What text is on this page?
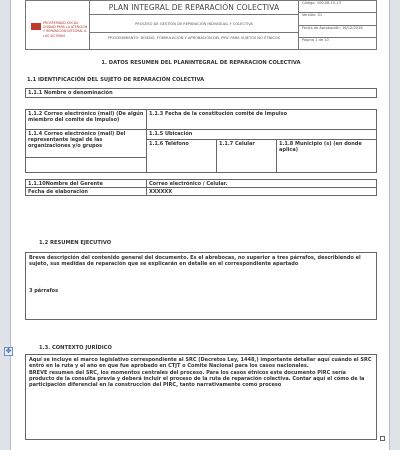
PROSPERIDAD SOCIAL · UNIDAD PARA LA ATENCIÓN Y REPARACIÓN INTEGRAL A LAS VÍCTIMAS
PLAN INTEGRAL DE REPARACIÓN COLECTIVA
PROCESO DE GESTIÓN DE REPARACIÓN INDIVIDUAL Y COLECTIVA
PROCEDIMIENTO: DISEÑO, FORMULACIÓN Y APROBACIÓN DEL PIRC PARA SUJETOS NO ÉTNICOS
Código: 100.08.15-13
Versión: 01
Fecha de Aprobación: 16/12/2016
Página 1 de 10
1. DATOS RESUMEN DEL PLANINTEGRAL DE REPARACION COLECTIVA
1.1 IDENTIFICACIÓN DEL SUJETO DE REPARACIÓN COLECTIVA
1.1.1 Nombre o denominación
1.1.2 Correo electrónico (mail) (De algún miembro del comité de Impulso)
1.1.3 Fecha de la constitución comité de Impulso
1.1.4 Correo electrónico (mail) Del representante legal de las organizaciones y/o grupos
1.1.5 Ubicación
1.1.6 Teléfono	1.1.7 Celular	1.1.8 Municipio (s) (en donde aplica)
1.1.10Nombre del Gerente	Correo electrónico / Celular.
Fecha de elaboración	XXXXXX
1.2 RESUMEN EJECUTIVO
Breve descripción del contenido general del documento. Es el abrebocas, no superior a tres párrafos, describiendo el sujeto, sus medidas de reparación que se explicarán en detalle en el correspondiente apartado
3 párrafos
1.3. CONTEXTO JURÍDICO
Aquí se incluye el marco legislativo correspondiente al SRC (Decretos Ley, 1448,) importante detallar aquí cuándo el SRC entró en la ruta y el año en que fue aprobado en CTJT o Comité Nacional para los casos nacionales.
BREVE resumen del SRC, los momentos centrales del proceso. Para los casos étnicos este documento PIRC sería producto de la consulta previa y deberá incluir el proceso de la ruta de reparación colectiva. Contar aquí el cómo de la participación diferencial en la construcción del PIRC, tanto narrativamente como proceso
✥
